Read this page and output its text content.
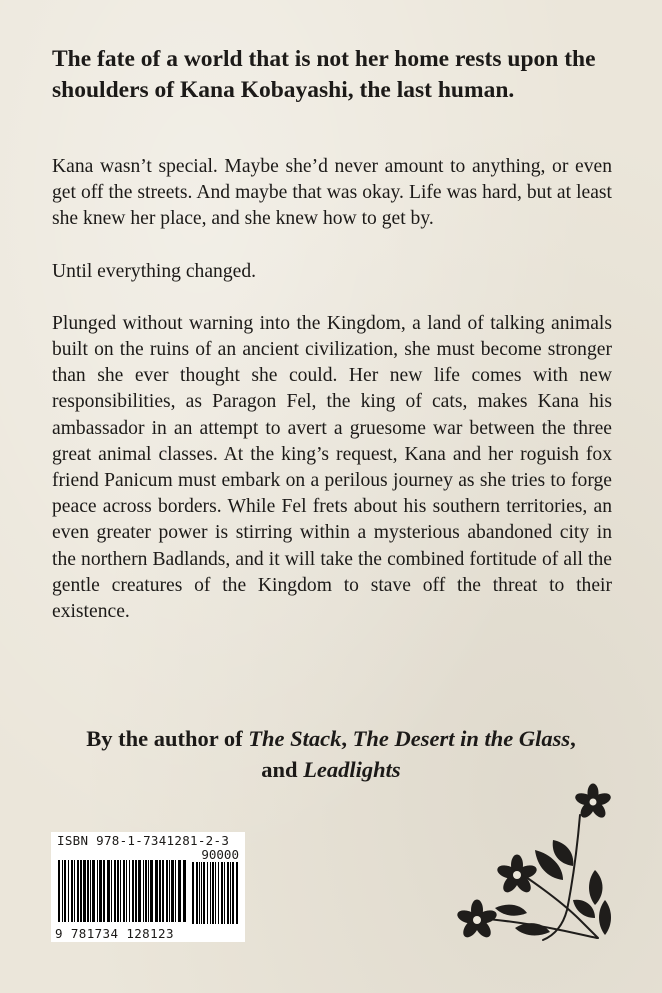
The fate of a world that is not her home rests upon the shoulders of Kana Kobayashi, the last human.

Kana wasn’t special. Maybe she’d never amount to anything, or even get off the streets. And maybe that was okay. Life was hard, but at least she knew her place, and she knew how to get by.

Until everything changed.

Plunged without warning into the Kingdom, a land of talking animals built on the ruins of an ancient civilization, she must become stronger than she ever thought she could. Her new life comes with new responsibilities, as Paragon Fel, the king of cats, makes Kana his ambassador in an attempt to avert a gruesome war between the three great animal classes. At the king’s request, Kana and her roguish fox friend Panicum must embark on a perilous journey as she tries to forge peace across borders. While Fel frets about his southern territories, an even greater power is stirring within a mysterious abandoned city in the northern Badlands, and it will take the combined fortitude of all the gentle creatures of the Kingdom to stave off the threat to their existence.

By the author of The Stack, The Desert in the Glass,
and Leadlights

ISBN 978-1-7341281-2-3
90000
9 781734 128123
